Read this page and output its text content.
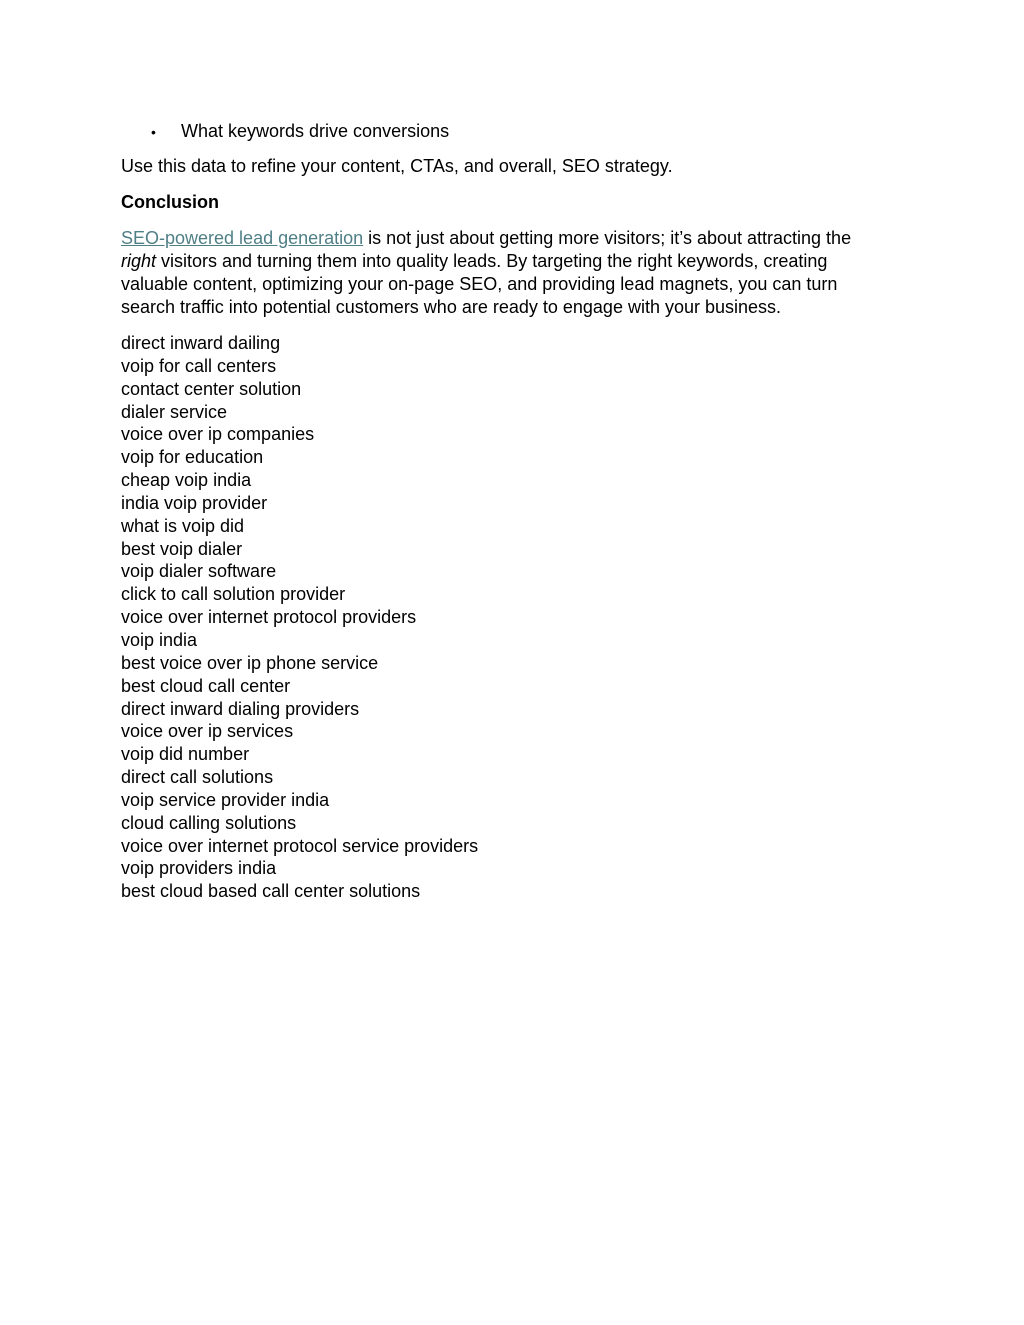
•	What keywords drive conversions

Use this data to refine your content, CTAs, and overall, SEO strategy.

Conclusion

SEO-powered lead generation is not just about getting more visitors; it’s about attracting the right visitors and turning them into quality leads. By targeting the right keywords, creating valuable content, optimizing your on-page SEO, and providing lead magnets, you can turn search traffic into potential customers who are ready to engage with your business.

direct inward dailing
voip for call centers
contact center solution
dialer service
voice over ip companies
voip for education
cheap voip india
india voip provider
what is voip did
best voip dialer
voip dialer software
click to call solution provider
voice over internet protocol providers
voip india
best voice over ip phone service
best cloud call center
direct inward dialing providers
voice over ip services
voip did number
direct call solutions
voip service provider india
cloud calling solutions
voice over internet protocol service providers
voip providers india
best cloud based call center solutions
